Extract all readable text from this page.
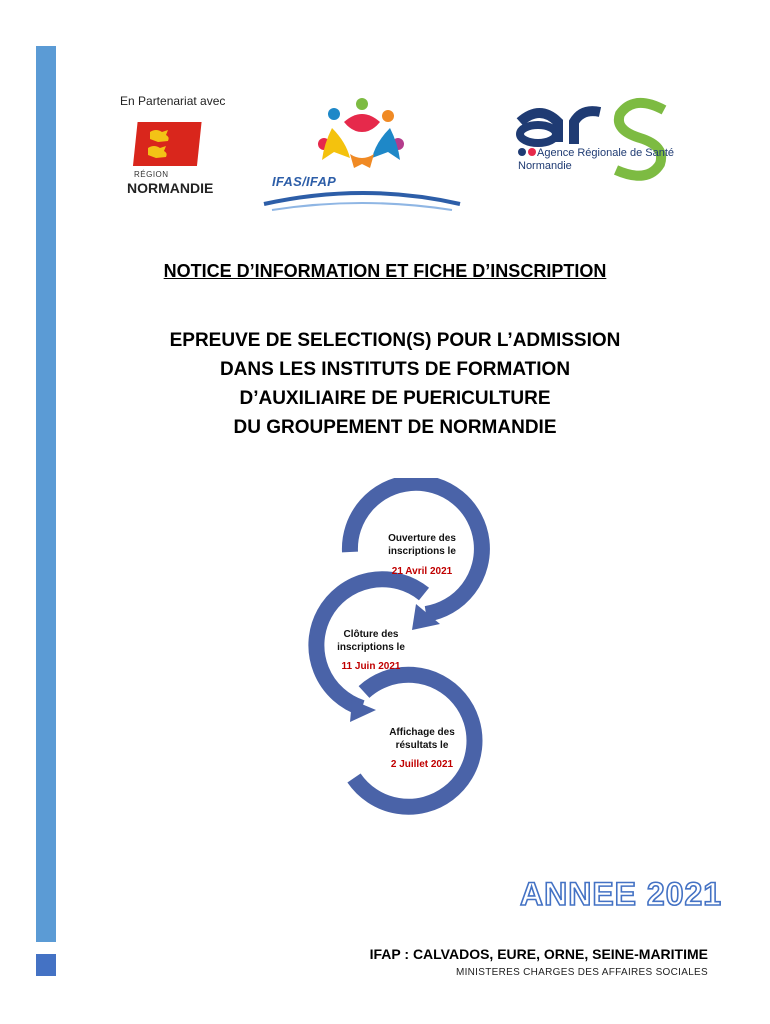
En Partenariat avec
RÉGION
NORMANDIE	IFAS/IFAP
Agence Régionale de Santé
Normandie
NOTICE D’INFORMATION ET FICHE D’INSCRIPTION
EPREUVE DE SELECTION(S) POUR L’ADMISSION
DANS LES INSTITUTS DE FORMATION
D’AUXILIAIRE DE PUERICULTURE
DU GROUPEMENT DE NORMANDIE
Ouverture des
inscriptions le
21 Avril 2021
Clôture des
inscriptions le
11 Juin 2021
Affichage des
résultats le
2 Juillet 2021
ANNEE 2021
IFAP : CALVADOS, EURE, ORNE, SEINE-MARITIME
MINISTERES CHARGES DES AFFAIRES SOCIALES
